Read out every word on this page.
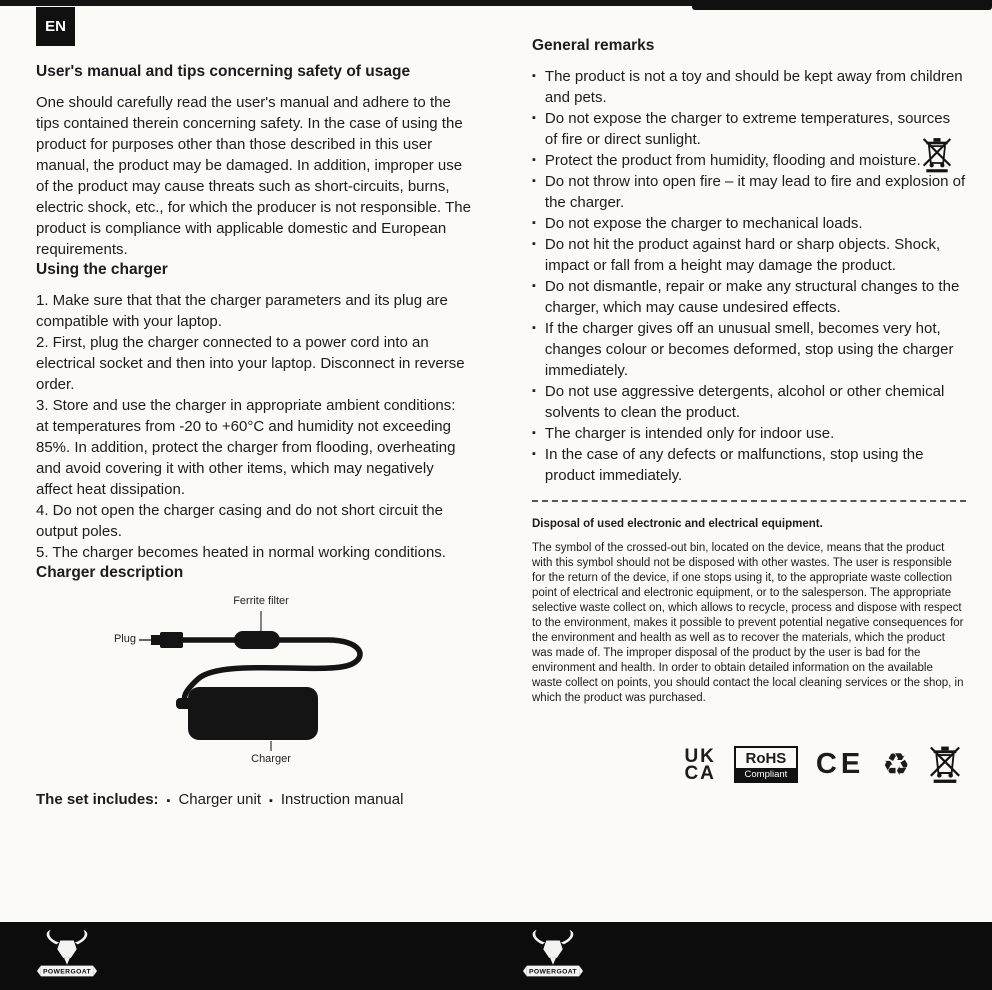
EN
User's manual and tips concerning safety of usage

One should carefully read the user's manual and adhere to the tips contained therein concerning safety. In the case of using the product for purposes other than those described in this user manual, the product may be damaged. In addition, improper use of the product may cause threats such as short-circuits, burns, electric shock, etc., for which the producer is not responsible. The product is compliance with applicable domestic and European requirements.

Using the charger

1. Make sure that that the charger parameters and its plug are compatible with your laptop.

2. First, plug the charger connected to a power cord into an electrical socket and then into your laptop. Disconnect in reverse order.

3. Store and use the charger in appropriate ambient conditions: at temperatures from -20 to +60°C and humidity not exceeding 85%. In addition, protect the charger from flooding, overheating and avoid covering it with other items, which may negatively affect heat dissipation.

4. Do not open the charger casing and do not short circuit the output poles.

5. The charger becomes heated in normal working conditions.

Charger description
Ferrite filter
Plug
Charger
The set includes: ▪ Charger unit ▪ Instruction manual
General remarks
▪ The product is not a toy and should be kept away from children and pets.
▪ Do not expose the charger to extreme temperatures, sources of fire or direct sunlight.
▪ Protect the product from humidity, flooding and moisture.
▪ Do not throw into open fire – it may lead to fire and explosion of the charger.
▪ Do not expose the charger to mechanical loads.
▪ Do not hit the product against hard or sharp objects. Shock, impact or fall from a height may damage the product.
▪ Do not dismantle, repair or make any structural changes to the charger, which may cause undesired effects.
▪ If the charger gives off an unusual smell, becomes very hot, changes colour or becomes deformed, stop using the charger immediately.
▪ Do not use aggressive detergents, alcohol or other chemical solvents to clean the product.
▪ The charger is intended only for indoor use.
▪ In the case of any defects or malfunctions, stop using the product immediately.
Disposal of used electronic and electrical equipment.
The symbol of the crossed-out bin, located on the device, means that the product with this symbol should not be disposed with other wastes. The user is responsible for the return of the device, if one stops using it, to the appropriate waste collection point of electrical and electronic equipment, or to the salesperson. The appropriate selective waste collect on, which allows to recycle, process and dispose with respect to the environment, makes it possible to prevent potential negative consequences for the environment and health as well as to recover the materials, which the product was made of. The improper disposal of the product by the user is bad for the environment and health. In order to obtain detailed information on the available waste collect on points, you should contact the local cleaning services or the shop, in which the product was purchased.
UK
CA
RoHS
Compliant CE ♻
POWERGOAT	POWERGOAT
